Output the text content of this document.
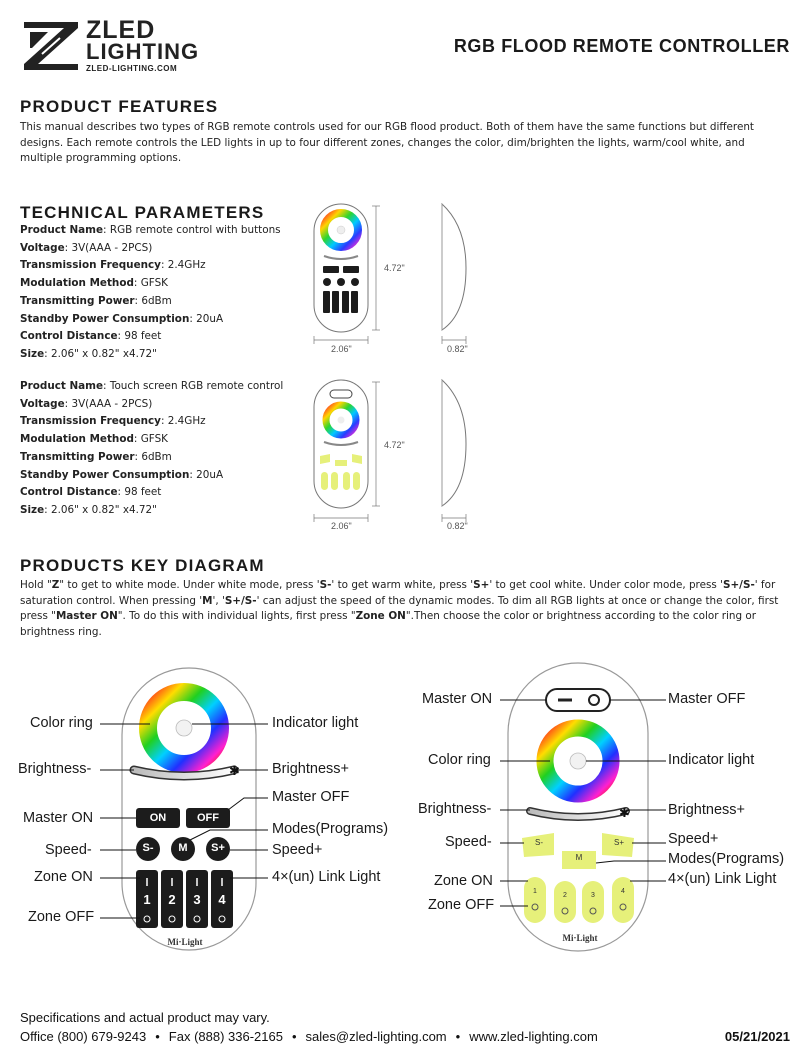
ZLED
LIGHTING
ZLED-LIGHTING.COM
RGB FLOOD REMOTE CONTROLLER
PRODUCT FEATURES

This manual describes two types of RGB remote controls used for our RGB flood product. Both of them have the same functions but different designs. Each remote controls the LED lights in up to four different zones, changes the color, dim/brighten the lights, warm/cool white, and multiple programming options.

TECHNICAL PARAMETERS
Product Name: RGB remote control with buttons
Voltage: 3V(AAA - 2PCS)
Transmission Frequency: 2.4GHz
Modulation Method: GFSK
Transmitting Power: 6dBm
Standby Power Consumption: 20uA
Control Distance: 98 feet
Size: 2.06" x 0.82" x4.72"
Product Name: Touch screen RGB remote control
Voltage: 3V(AAA - 2PCS)
Transmission Frequency: 2.4GHz
Modulation Method: GFSK
Transmitting Power: 6dBm
Standby Power Consumption: 20uA
Control Distance: 98 feet
Size: 2.06" x 0.82" x4.72"
4.72"
2.06"	0.82"
4.72"
2.06"	0.82"
PRODUCTS KEY DIAGRAM

Hold "Z" to get to white mode. Under white mode, press 'S-' to get warm white, press 'S+' to get cool white. Under color mode, press 'S+/S-' for saturation control. When pressing 'M', 'S+/S-' can adjust the speed of the dynamic modes. To dim all RGB lights at once or change the color, first press "Master ON". To do this with individual lights, first press "Zone ON".Then choose the color or brightness according to the color ring or brightness ring.

✱
ON	OFF
S-	M	S+
1	2	3	4
Mi·Light
Color ring
Brightness-
Master ON
Speed-
Zone ON
Zone OFF
Indicator light
Brightness+
Master OFF
Modes(Programs)
Speed+
4×(un) Link Light
✱
S-
M
S+
1
2	3
4
Mi·Light
Master ON
Color ring
Brightness-
Speed-
Zone ON
Zone OFF
Master OFF
Indicator light
Brightness+
Speed+
Modes(Programs)
4×(un) Link Light
Specifications and actual product may vary.
Office (800) 679-9243 • Fax (888) 336-2165 • sales@zled-lighting.com • www.zled-lighting.com	05/21/2021
